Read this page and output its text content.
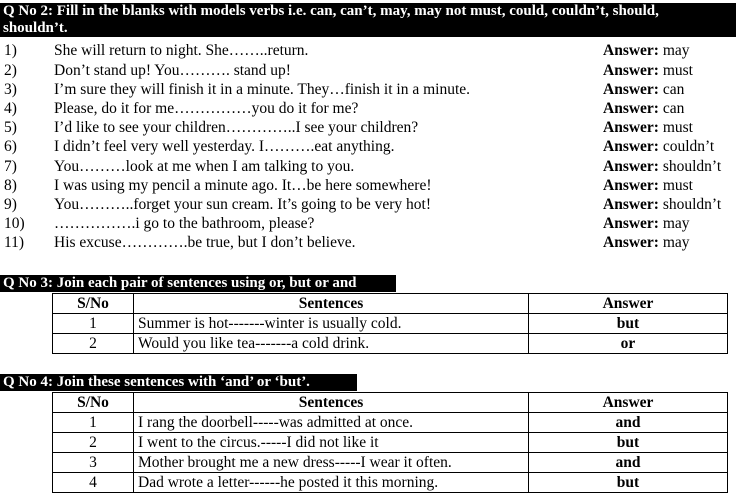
Q No 2: Fill in the blanks with models verbs i.e. can, can’t, may, may not must, could, couldn’t, should,
shouldn’t.
1) She will return to night. She……..return.	Answer: may
2) Don’t stand up! You………. stand up!	Answer: must
3) I’m sure they will finish it in a minute. They…finish it in a minute.	Answer: can
4) Please, do it for me……………you do it for me?	Answer: can
5) I’d like to see your children…………..I see your children?	Answer: must
6) I didn’t feel very well yesterday. I……….eat anything.	Answer: couldn’t
7) You………look at me when I am talking to you.	Answer: shouldn’t
8) I was using my pencil a minute ago. It…be here somewhere!	Answer: must
9) You………..forget your sun cream. It’s going to be very hot!	Answer: shouldn’t
10) …………….i go to the bathroom, please?	Answer: may
11) His excuse………….be true, but I don’t believe.	Answer: may
Q No 3: Join each pair of sentences using or, but or and
S/No	Sentences	Answer
1	Summer is hot-------winter is usually cold.	but
2	Would you like tea-------a cold drink.	or
Q No 4: Join these sentences with ‘and’ or ‘but’.
S/No	Sentences	Answer
1	I rang the doorbell-----was admitted at once.	and
2	I went to the circus.-----I did not like it	but
3	Mother brought me a new dress-----I wear it often.	and
4	Dad wrote a letter------he posted it this morning.	but
